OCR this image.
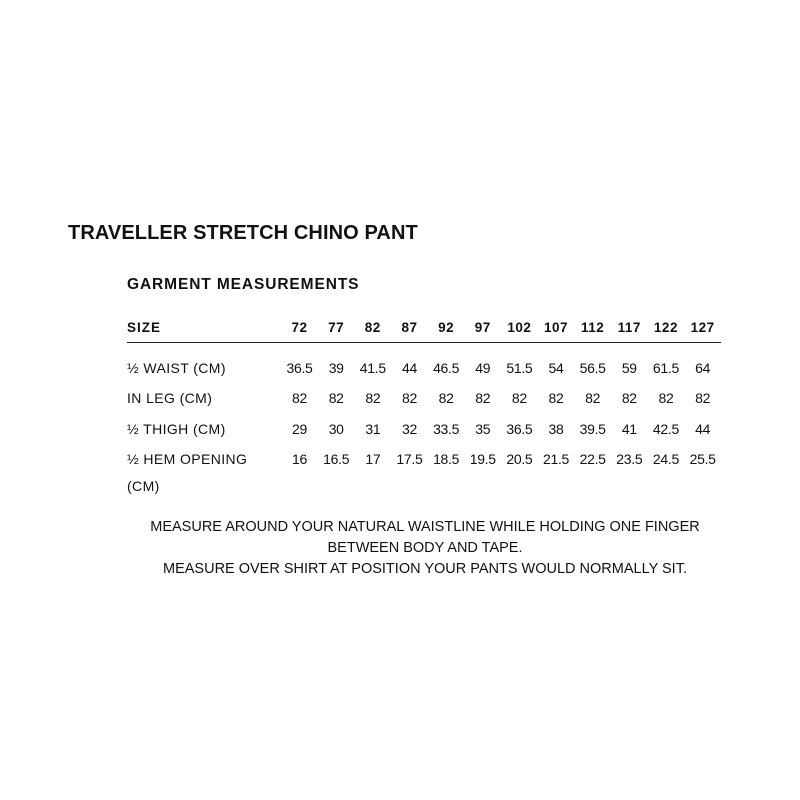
TRAVELLER STRETCH CHINO PANT
GARMENT MEASUREMENTS
SIZE	72	77	82	87	92	97	102	107	112	117	122	127

½ WAIST (CM)	36.5	39	41.5	44	46.5	49	51.5	54	56.5	59	61.5	64
IN LEG (CM)	82	82	82	82	82	82	82	82	82	82	82	82
½ THIGH (CM)	29	30	31	32	33.5	35	36.5	38	39.5	41	42.5	44
½ HEM OPENING (CM)	16	16.5	17	17.5	18.5	19.5	20.5	21.5	22.5	23.5	24.5	25.5
MEASURE AROUND YOUR NATURAL WAISTLINE WHILE HOLDING ONE FINGER
BETWEEN BODY AND TAPE.
MEASURE OVER SHIRT AT POSITION YOUR PANTS WOULD NORMALLY SIT.
